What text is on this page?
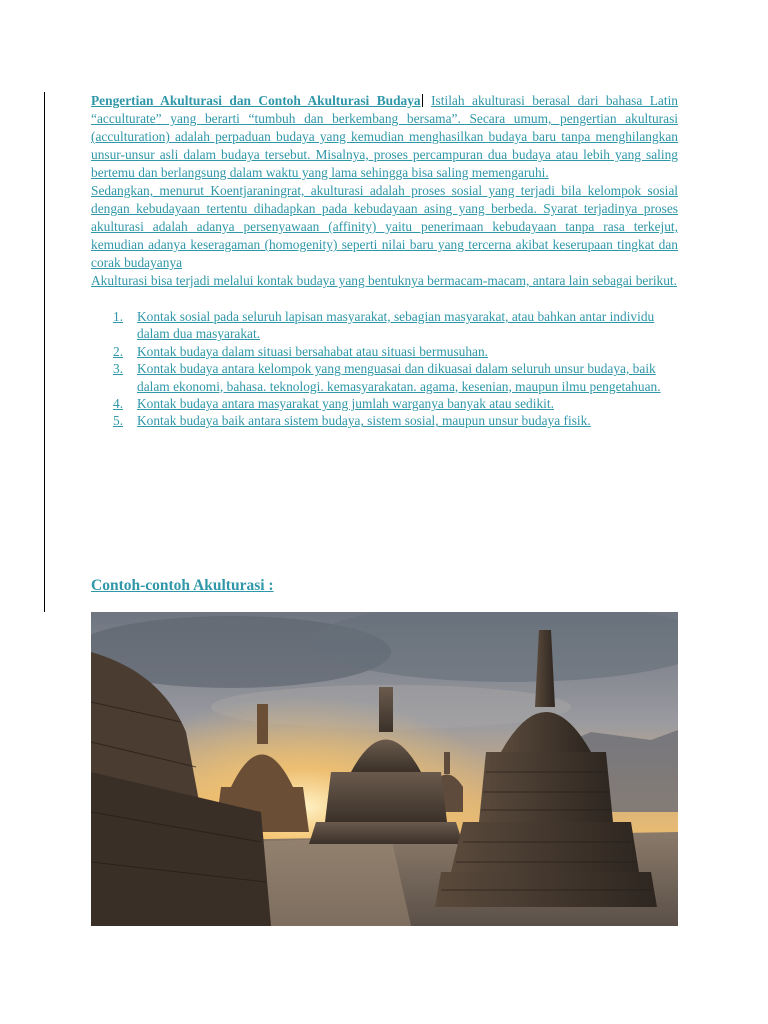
Pengertian Akulturasi dan Contoh Akulturasi Budaya Istilah akulturasi berasal dari bahasa Latin “acculturate” yang berarti “tumbuh dan berkembang bersama”. Secara umum, pengertian akulturasi (acculturation) adalah perpaduan budaya yang kemudian menghasilkan budaya baru tanpa menghilangkan unsur-unsur asli dalam budaya tersebut. Misalnya, proses percampuran dua budaya atau lebih yang saling bertemu dan berlangsung dalam waktu yang lama sehingga bisa saling memengaruhi.

Sedangkan, menurut Koentjaraningrat, akulturasi adalah proses sosial yang terjadi bila kelompok sosial dengan kebudayaan tertentu dihadapkan pada kebudayaan asing yang berbeda. Syarat terjadinya proses akulturasi adalah adanya persenyawaan (affinity) yaitu penerimaan kebudayaan tanpa rasa terkejut, kemudian adanya keseragaman (homogenity) seperti nilai baru yang tercerna akibat keserupaan tingkat dan corak budayanya

Akulturasi bisa terjadi melalui kontak budaya yang bentuknya bermacam-macam, antara lain sebagai berikut.

1. Kontak sosial pada seluruh lapisan masyarakat, sebagian masyarakat, atau bahkan antar individu dalam dua masyarakat.
2. Kontak budaya dalam situasi bersahabat atau situasi bermusuhan.
3. Kontak budaya antara kelompok yang menguasai dan dikuasai dalam seluruh unsur budaya, baik dalam ekonomi, bahasa. teknologi. kemasyarakatan. agama, kesenian, maupun ilmu pengetahuan.
4. Kontak budaya antara masyarakat yang jumlah warganya banyak atau sedikit.
5. Kontak budaya baik antara sistem budaya, sistem sosial, maupun unsur budaya fisik.
Contoh-contoh Akulturasi :
